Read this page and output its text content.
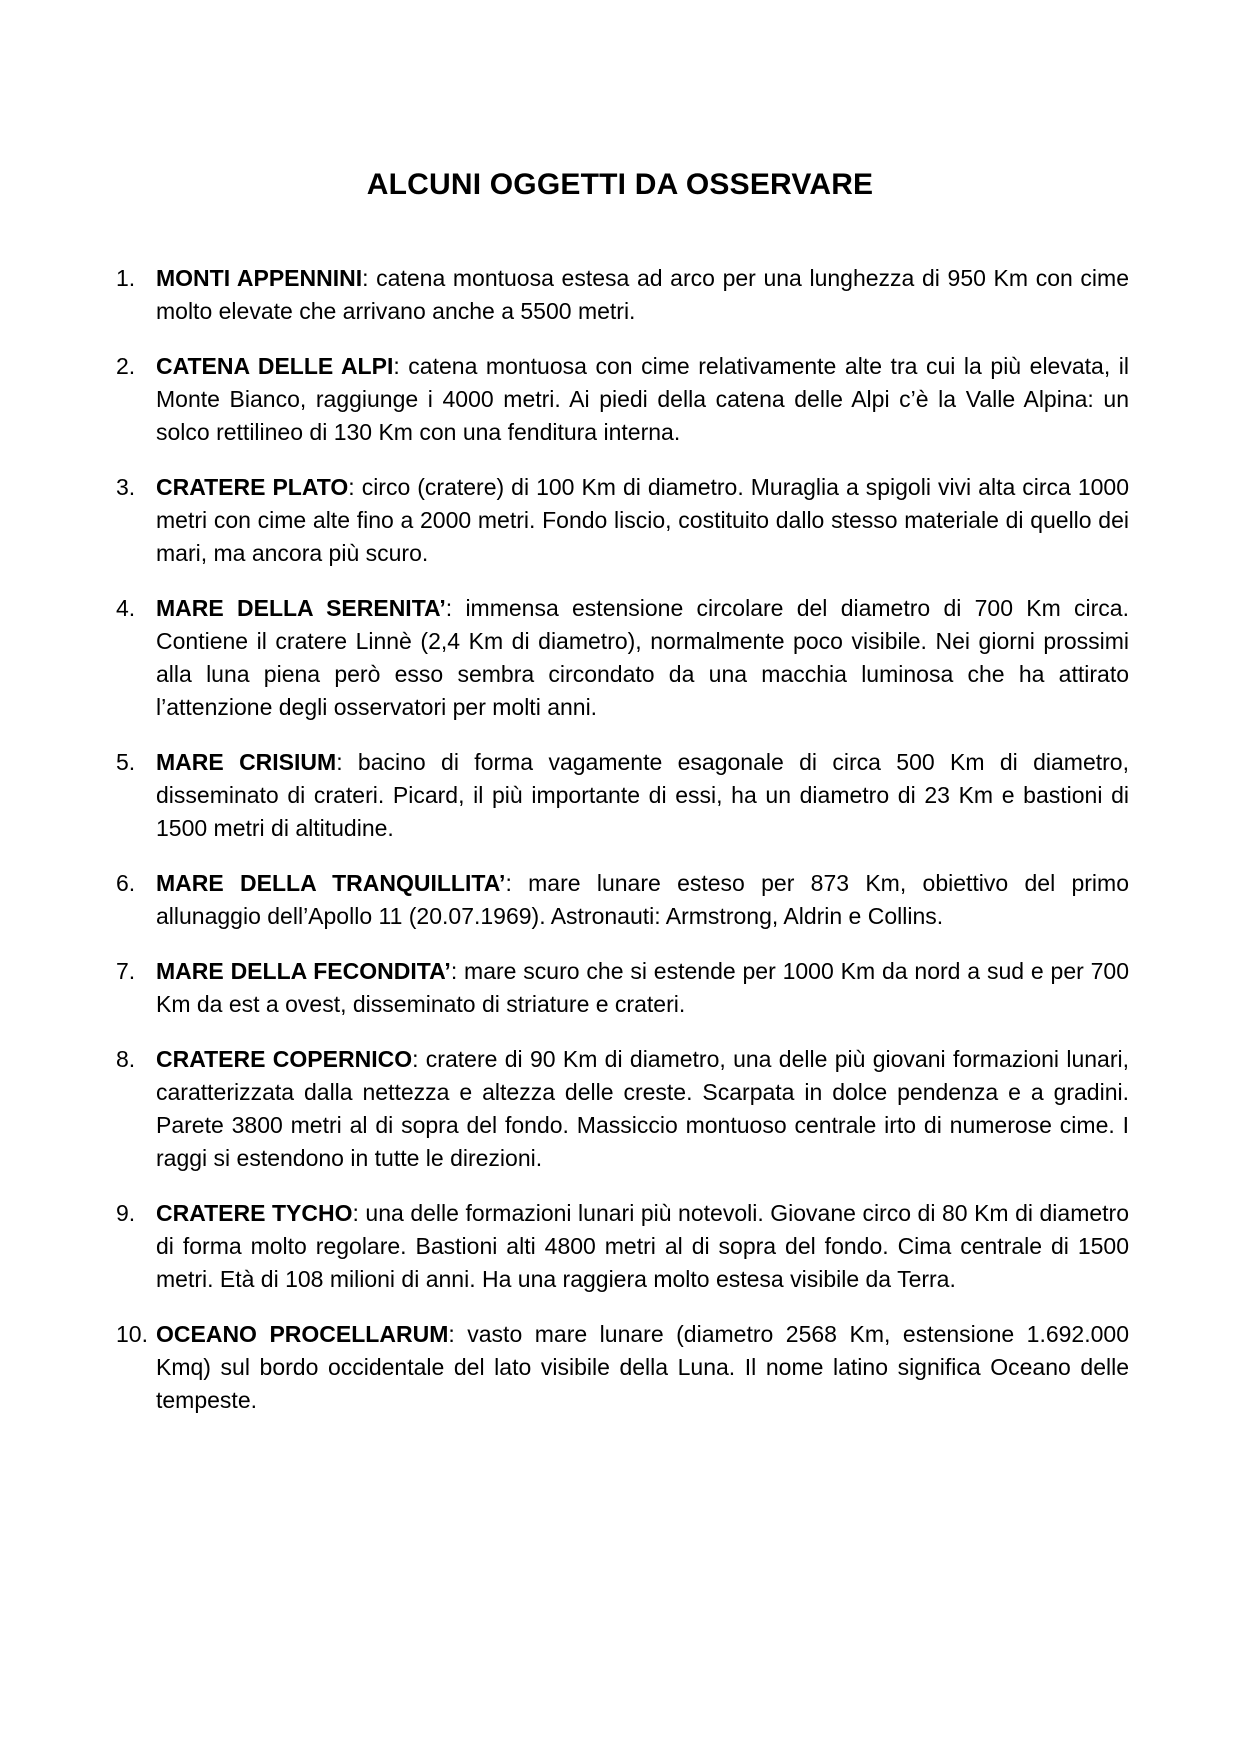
ALCUNI OGGETTI DA OSSERVARE
1. MONTI APPENNINI: catena montuosa estesa ad arco per una lunghezza di 950 Km con cime molto elevate che arrivano anche a 5500 metri.

2. CATENA DELLE ALPI: catena montuosa con cime relativamente alte tra cui la più elevata, il Monte Bianco, raggiunge i 4000 metri. Ai piedi della catena delle Alpi c’è la Valle Alpina: un solco rettilineo di 130 Km con una fenditura interna.

3. CRATERE PLATO: circo (cratere) di 100 Km di diametro. Muraglia a spigoli vivi alta circa 1000 metri con cime alte fino a 2000 metri. Fondo liscio, costituito dallo stesso materiale di quello dei mari, ma ancora più scuro.

4. MARE DELLA SERENITA’: immensa estensione circolare del diametro di 700 Km circa. Contiene il cratere Linnè (2,4 Km di diametro), normalmente poco visibile. Nei giorni prossimi alla luna piena però esso sembra circondato da una macchia luminosa che ha attirato l’attenzione degli osservatori per molti anni.

5. MARE CRISIUM: bacino di forma vagamente esagonale di circa 500 Km di diametro, disseminato di crateri. Picard, il più importante di essi, ha un diametro di 23 Km e bastioni di 1500 metri di altitudine.

6. MARE DELLA TRANQUILLITA’: mare lunare esteso per 873 Km, obiettivo del primo allunaggio dell’Apollo 11 (20.07.1969). Astronauti: Armstrong, Aldrin e Collins.

7. MARE DELLA FECONDITA’: mare scuro che si estende per 1000 Km da nord a sud e per 700 Km da est a ovest, disseminato di striature e crateri.

8. CRATERE COPERNICO: cratere di 90 Km di diametro, una delle più giovani formazioni lunari, caratterizzata dalla nettezza e altezza delle creste. Scarpata in dolce pendenza e a gradini. Parete 3800 metri al di sopra del fondo. Massiccio montuoso centrale irto di numerose cime. I raggi si estendono in tutte le direzioni.

9. CRATERE TYCHO: una delle formazioni lunari più notevoli. Giovane circo di 80 Km di diametro di forma molto regolare. Bastioni alti 4800 metri al di sopra del fondo. Cima centrale di 1500 metri. Età di 108 milioni di anni. Ha una raggiera molto estesa visibile da Terra.

10. OCEANO PROCELLARUM: vasto mare lunare (diametro 2568 Km, estensione 1.692.000 Kmq) sul bordo occidentale del lato visibile della Luna. Il nome latino significa Oceano delle tempeste.
